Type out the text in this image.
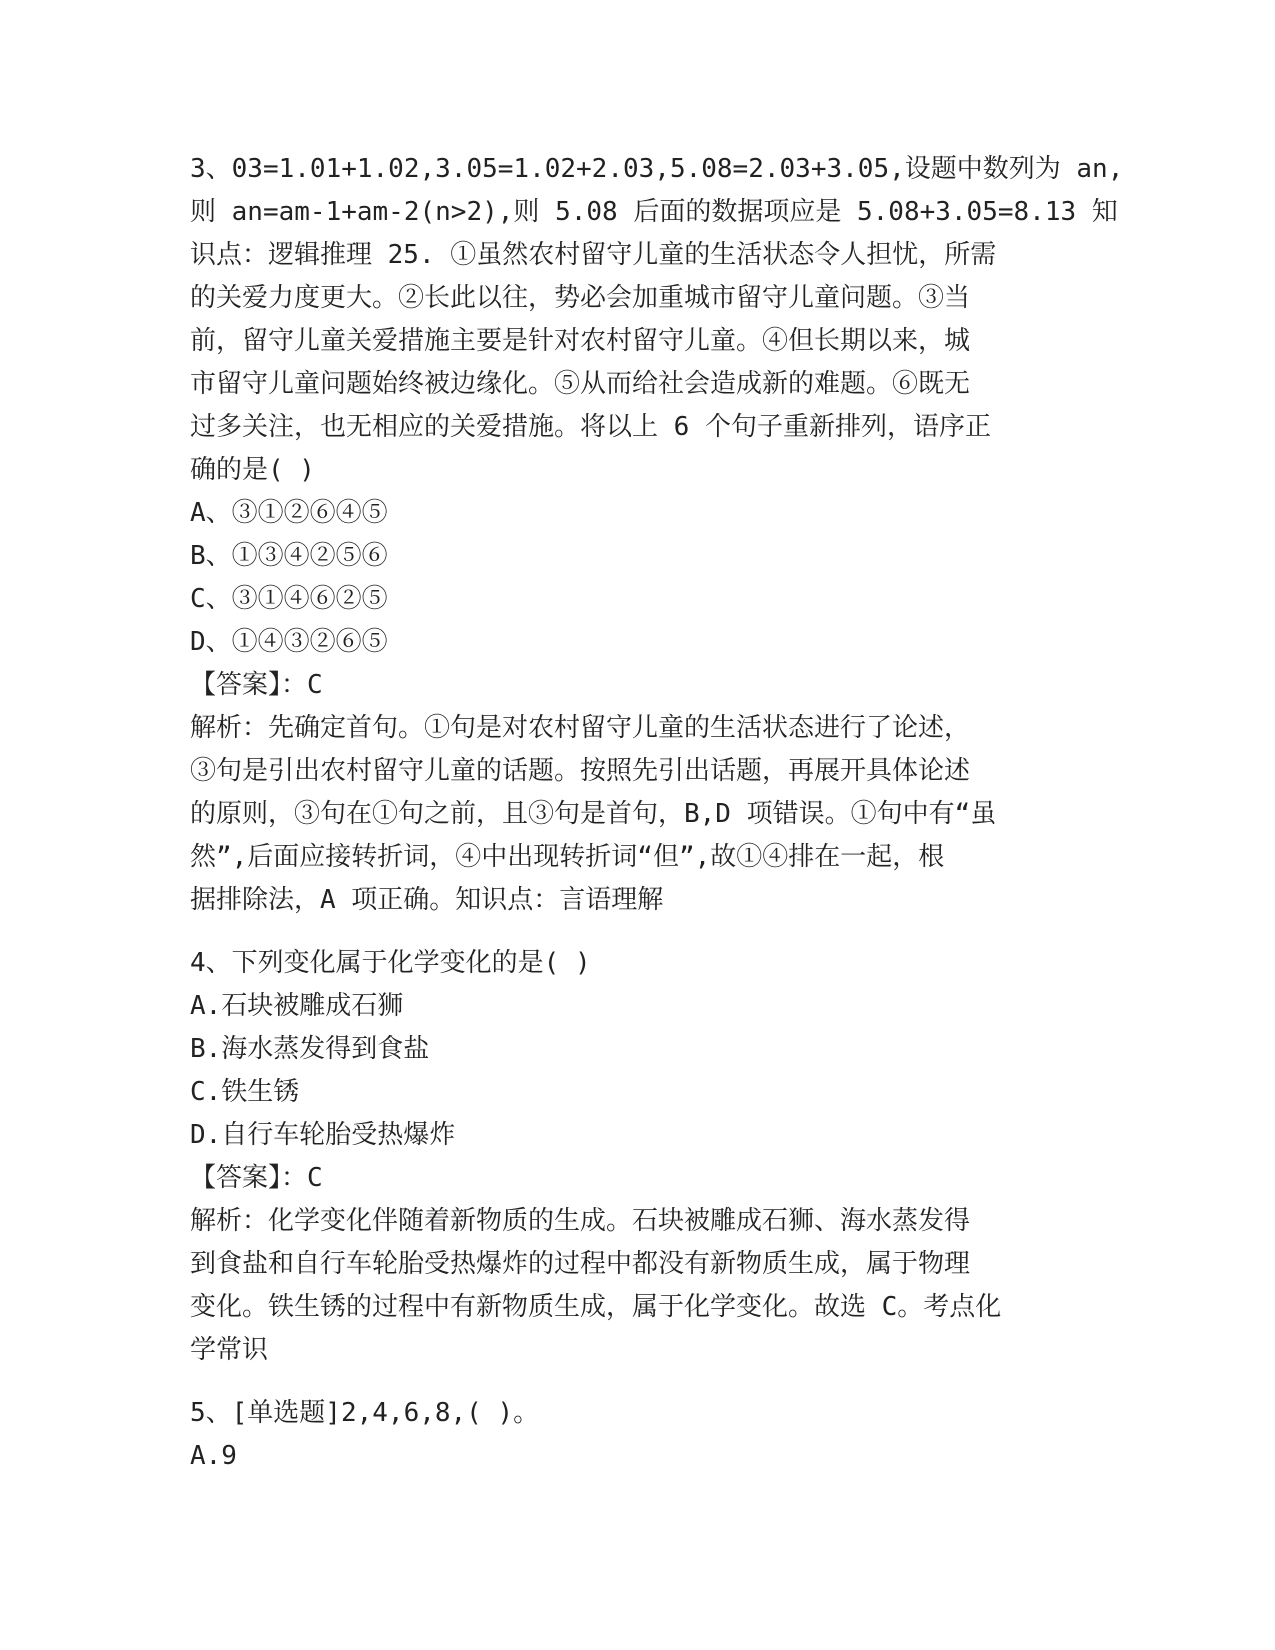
3、03=1.01+1.02,3.05=1.02+2.03,5.08=2.03+3.05,设题中数列为 an,
则 an=am-1+am-2(n>2),则 5.08 后面的数据项应是 5.08+3.05=8.13 知
识点：逻辑推理 25. ①虽然农村留守儿童的生活状态令人担忧，所需
的关爱力度更大。②长此以往，势必会加重城市留守儿童问题。③当
前，留守儿童关爱措施主要是针对农村留守儿童。④但长期以来，城
市留守儿童问题始终被边缘化。⑤从而给社会造成新的难题。⑥既无
过多关注，也无相应的关爱措施。将以上 6 个句子重新排列，语序正
确的是( )
A、③①②⑥④⑤
B、①③④②⑤⑥
C、③①④⑥②⑤
D、①④③②⑥⑤
【答案】：C
解析：先确定首句。①句是对农村留守儿童的生活状态进行了论述，
③句是引出农村留守儿童的话题。按照先引出话题，再展开具体论述
的原则，③句在①句之前，且③句是首句，B,D 项错误。①句中有“虽
然”,后面应接转折词，④中出现转折词“但”,故①④排在一起，根
据排除法，A 项正确。知识点：言语理解
4、下列变化属于化学变化的是( )
A.石块被雕成石狮
B.海水蒸发得到食盐
C.铁生锈
D.自行车轮胎受热爆炸
【答案】：C
解析：化学变化伴随着新物质的生成。石块被雕成石狮、海水蒸发得
到食盐和自行车轮胎受热爆炸的过程中都没有新物质生成，属于物理
变化。铁生锈的过程中有新物质生成，属于化学变化。故选 C。考点化
学常识
5、[单选题]2,4,6,8,( )。
A.9
